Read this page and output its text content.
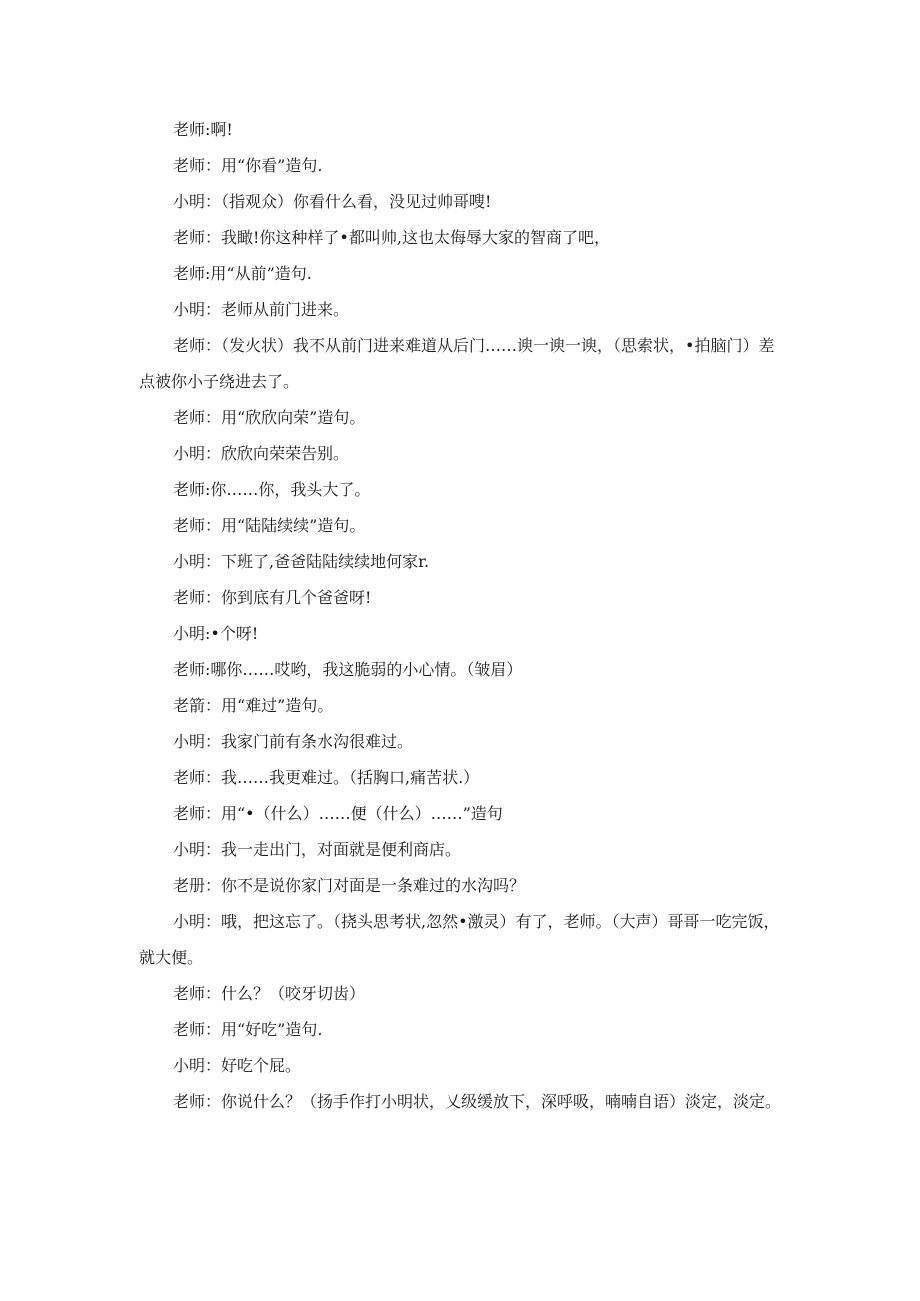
老师:啊!

老师：用“你看”造句.

小明：（指观众）你看什么看，没见过帅哥嗖!

老师：我瞰!你这种样了•都叫帅,这也太侮辱大家的智商了吧，

老师:用“从前”造句.

小明：老师从前门进来。

老师：（发火状）我不从前门进来难道从后门……谀一谀一谀，（思索状，•拍脑门）差点被你小子绕进去了。

老师：用“欣欣向荣”造句。

小明：欣欣向荣荣告别。

老师:你……你，我头大了。

老师：用“陆陆续续”造句。

小明：下班了,爸爸陆陆续续地何家r.

老师：你到底有几个爸爸呀!

小明:•个呀!

老师:哪你……哎哟，我这脆弱的小心情。（皱眉）

老箭：用“难过”造句。

小明：我家门前有条水沟很难过。

老师：我……我更难过。（括胸口,痛苦状.）

老师：用“•（什么）……便（什么）……”造句

小明：我一走出门，对面就是便利商店。

老册：你不是说你家门对面是一条难过的水沟吗？

小明：哦，把这忘了。（挠头思考状,忽然•激灵）有了，老师。（大声）哥哥一吃完饭，就大便。

老师：什么？（咬牙切齿）

老师：用“好吃”造句.

小明：好吃个屁。

老师：你说什么？（扬手作打小明状，乂级缓放下，深呼吸，喃喃自语）淡定，淡定。
